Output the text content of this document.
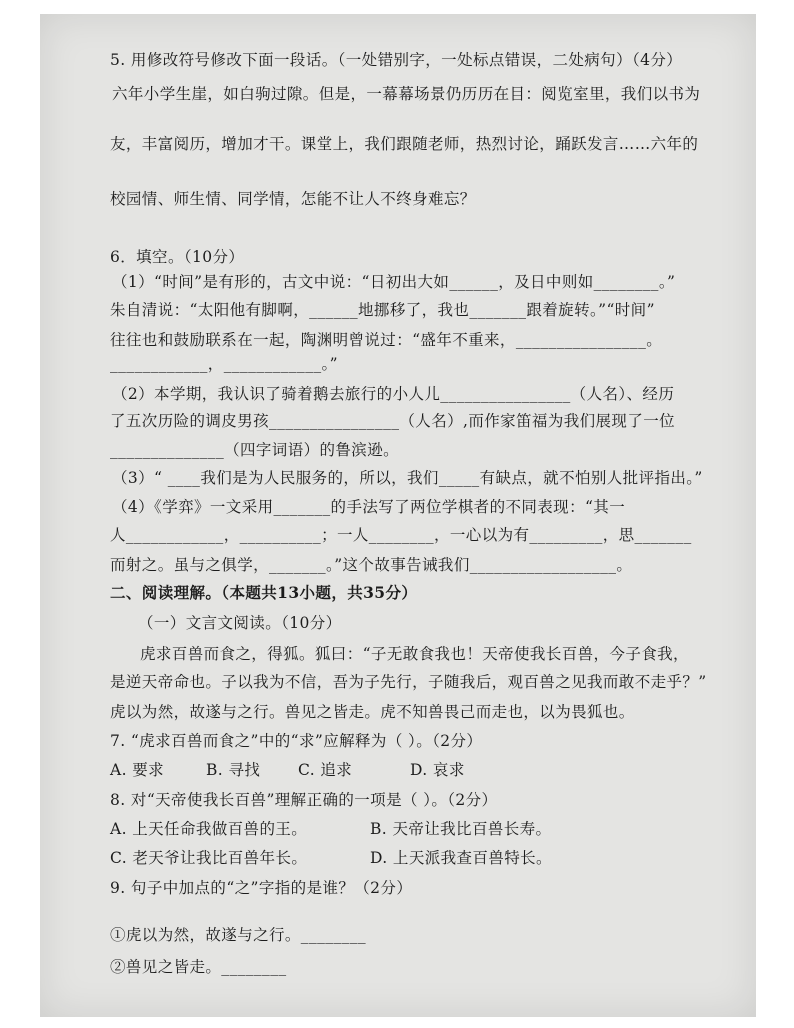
5. 用修改符号修改下面一段话。（一处错别字，一处标点错误，二处病句）（4分）
六年小学生崖，如白驹过隙。但是，一幕幕场景仍历历在目：阅览室里，我们以书为
友，丰富阅历，增加才干。课堂上，我们跟随老师，热烈讨论，踊跃发言……六年的
校园情、师生情、同学情，怎能不让人不终身难忘？
6．填空。（10分）
（1）“时间”是有形的，古文中说：“日初出大如______，及日中则如________。”
朱自清说：“太阳他有脚啊，______地挪移了，我也_______跟着旋转。”“时间”
往往也和鼓励联系在一起，陶渊明曾说过：“盛年不重来，________________。
____________，____________。”
（2）本学期，我认识了骑着鹅去旅行的小人儿________________（人名）、经历
了五次历险的调皮男孩________________（人名）,而作家笛福为我们展现了一位
______________（四字词语）的鲁滨逊。
（3）“ ____我们是为人民服务的，所以，我们_____有缺点，就不怕别人批评指出。”
（4）《学弈》一文采用_______的手法写了两位学棋者的不同表现：“其一
人____________，__________；一人________，一心以为有_________，思_______
而射之。虽与之俱学，_______。”这个故事告诫我们__________________。
二、阅读理解。（本题共13小题，共35分）
（一）文言文阅读。（10分）
虎求百兽而食之，得狐。狐曰：“子无敢食我也！天帝使我长百兽，今子食我，
是逆天帝命也。子以我为不信，吾为子先行，子随我后，观百兽之见我而敢不走乎？”
虎以为然，故遂与之行。兽见之皆走。虎不知兽畏己而走也，以为畏狐也。
7. “虎求百兽而食之”中的“求”应解释为（ ）。（2分）
A. 要求	B. 寻找 C. 追求	D. 哀求
8. 对“天帝使我长百兽”理解正确的一项是（ ）。（2分）
A. 上天任命我做百兽的王。	B. 天帝让我比百兽长寿。
C. 老天爷让我比百兽年长。	D. 上天派我查百兽特长。
9. 句子中加点的“之”字指的是谁？（2分）
①虎以为然，故遂与之行。________
②兽见之皆走。________
